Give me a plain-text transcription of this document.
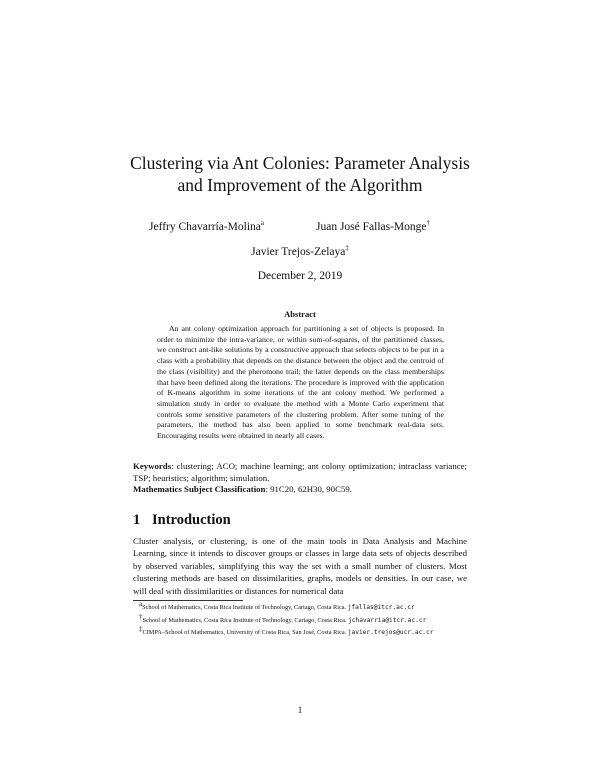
Clustering via Ant Colonies: Parameter Analysis
and Improvement of the Algorithm
Jeffry Chavarría-Molina$^a$	Juan José Fallas-Monge†
Javier Trejos-Zelaya‡
December 2, 2019
Abstract
An ant colony optimization approach for partitioning a set of objects is proposed. In order to minimize the intra-variance, or within sum-of-squares, of the partitioned classes, we construct ant-like solutions by a constructive approach that selects objects to be put in a class with a probability that depends on the distance between the object and the centroid of the class (visibility) and the pheromone trail; the latter depends on the class memberships that have been defined along the iterations. The procedure is improved with the application of K-means algorithm in some iterations of the ant colony method. We performed a simulation study in order to evaluate the method with a Monte Carlo experiment that controls some sensitive parameters of the clustering problem. After some tuning of the parameters, the method has also been applied to some benchmark real-data sets. Encouraging results were obtained in nearly all cases.
Keywords: clustering; ACO; machine learning; ant colony optimization; intraclass variance; TSP; heuristics; algorithm; simulation.
Mathematics Subject Classification: 91C20, 62H30, 90C59.
1 Introduction
Cluster analysis, or clustering, is one of the main tools in Data Analysis and Machine Learning, since it intends to discover groups or classes in large data sets of objects described by observed variables, simplifying this way the set with a small number of clusters. Most clustering methods are based on dissimilarities, graphs, models or densities. In our case, we will deal with dissimilarities or distances for numerical data
$^a$School of Mathematics, Costa Rica Institute of Technology, Cartago, Costa Rica. jfallas@itcr.ac.cr
†School of Mathematics, Costa Rica Institute of Technology, Cartago, Costa Rica. jchavarria@itcr.ac.cr
‡CIMPA–School of Mathematics, University of Costa Rica, San José, Costa Rica. javier.trejos@ucr.ac.cr
1
